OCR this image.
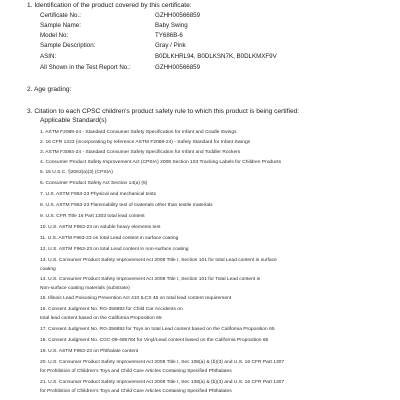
1. Identification of the product covered by this certificate:
Certificate No.:	GZHH00566859
Sample Name:	Baby Swing
Model No:	TY686B-6
Sample Description:	Gray / Pink
ASIN:	B0DLKHRL94, B0DLKSN7K, B0DLKMXF9V
All Shown in the Test Report No.:	GZHH00566859
2. Age grading:
3. Citation to each CPSC children's product safety rule to which this product is being certified:
Applicable Standard(s)
1. ASTM F2088-24 - Standard Consumer Safety Specification for Infant and Cradle Swings
2. 16 CFR 1223 (incorporating by reference ASTM F2088-24) - Safety Standard for Infant Swings
3. ASTM F3084-24 - Standard Consumer Safety Specification for Infant and Toddler Rockers
4. Consumer Product Safety Improvement Act (CPSIA) 2008 Section 103 Tracking Labels for Children Products
5. 15 U.S.C. §2063(a)(3) (CPSIA)
6. Consumer Product Safety Act Section 14(a) (5)
7. U.S. ASTM F963-23 Physical and mechanical tests
8. U.S. ASTM F963-23 Flammability test of materials other than textile materials
9. U.S. CFR Title 16 Part 1303 total lead content
10. U.S. ASTM F963-23 on soluble heavy elements test
11. U.S. ASTM F963-23 on total Lead content in surface coating
12. U.S. ASTM F963-23 on total Lead content in non-surface coating
13. U.S. Consumer Product Safety Improvement Act 2008 Title I, Section 101 for total Lead content in surface
coating
14. U.S. Consumer Product Safety Improvement Act 2008 Title I, Section 101 for Total Lead content in
Non-surface coating materials (substrate)
15. Illinois Lead Poisoning Prevention Act 410 ILCS 45 on total lead content requirement
16. Consent Judgment No. RG-356892 for Child Car Accidents on
total lead content based on the California Proposition 65
17. Consent Judgment No. RG-356892 for Toys on total Lead content based on the California Proposition 65
18. Consent Judgment No. CGC-09-485784 for Vinyl/Lead content based on the California Proposition 65
19. U.S. ASTM F963-23 on Phthalate content
20. U.S. Consumer Product Safety Improvement Act 2008 Title I, Sec 108(a) & (b)(3) and U.S. 16 CFR Part 1307
for Prohibition of Children's Toys and Child Care Articles Containing Specified Phthalates
21. U.S. Consumer Product Safety Improvement Act 2008 Title I, Sec 108(a) & (b)(3) and U.S. 16 CFR Part 1307
for Prohibition of Children's Toys and Child Care Articles Containing Specified Phthalates
